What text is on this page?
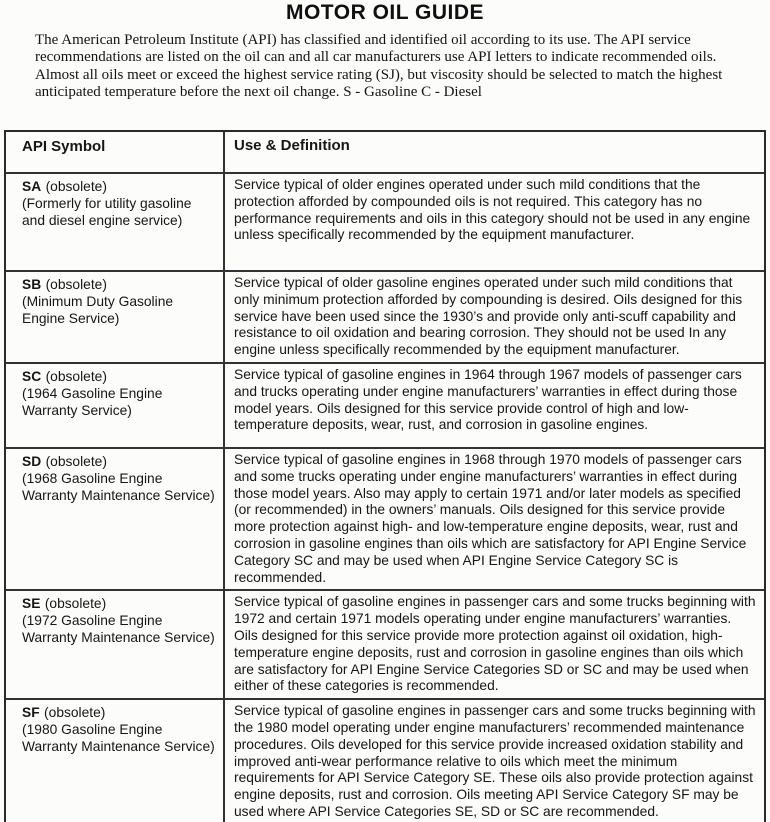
MOTOR OIL GUIDE
The American Petroleum Institute (API) has classified and identified oil according to its use. The API service
recommendations are listed on the oil can and all car manufacturers use API letters to indicate recommended oils.
Almost all oils meet or exceed the highest service rating (SJ), but viscosity should be selected to match the highest
anticipated temperature before the next oil change. S - Gasoline C - Diesel
API Symbol	Use & Definition
SA (obsolete)
(Formerly for utility gasoline and diesel engine service)
Service typical of older engines operated under such mild conditions that the protection afforded by compounded oils is not required. This category has no performance requirements and oils in this category should not be used in any engine unless specifically recommended by the equipment manufacturer.
SB (obsolete)
(Minimum Duty Gasoline Engine Service)
Service typical of older gasoline engines operated under such mild conditions that only minimum protection afforded by compounding is desired. Oils designed for this service have been used since the 1930’s and provide only anti-scuff capability and resistance to oil oxidation and bearing corrosion. They should not be used In any engine unless specifically recommended by the equipment manufacturer.
SC (obsolete)
(1964 Gasoline Engine Warranty Service)
Service typical of gasoline engines in 1964 through 1967 models of passenger cars and trucks operating under engine manufacturers’ warranties in effect during those model years. Oils designed for this service provide control of high and low-temperature deposits, wear, rust, and corrosion in gasoline engines.
SD (obsolete)
(1968 Gasoline Engine Warranty Maintenance Service)
Service typical of gasoline engines in 1968 through 1970 models of passenger cars and some trucks operating under engine manufacturers’ warranties in effect during those model years. Also may apply to certain 1971 and/or later models as specified (or recommended) in the owners’ manuals. Oils designed for this service provide more protection against high- and low-temperature engine deposits, wear, rust and corrosion in gasoline engines than oils which are satisfactory for API Engine Service Category SC and may be used when API Engine Service Category SC is recommended.
SE (obsolete)
(1972 Gasoline Engine Warranty Maintenance Service)
Service typical of gasoline engines in passenger cars and some trucks beginning with 1972 and certain 1971 models operating under engine manufacturers’ warranties. Oils designed for this service provide more protection against oil oxidation, high-temperature engine deposits, rust and corrosion in gasoline engines than oils which are satisfactory for API Engine Service Categories SD or SC and may be used when either of these categories is recommended.
SF (obsolete)
(1980 Gasoline Engine Warranty Maintenance Service)
Service typical of gasoline engines in passenger cars and some trucks beginning with the 1980 model operating under engine manufacturers’ recommended maintenance procedures. Oils developed for this service provide increased oxidation stability and improved anti-wear performance relative to oils which meet the minimum requirements for API Service Category SE. These oils also provide protection against engine deposits, rust and corrosion. Oils meeting API Service Category SF may be used where API Service Categories SE, SD or SC are recommended.
